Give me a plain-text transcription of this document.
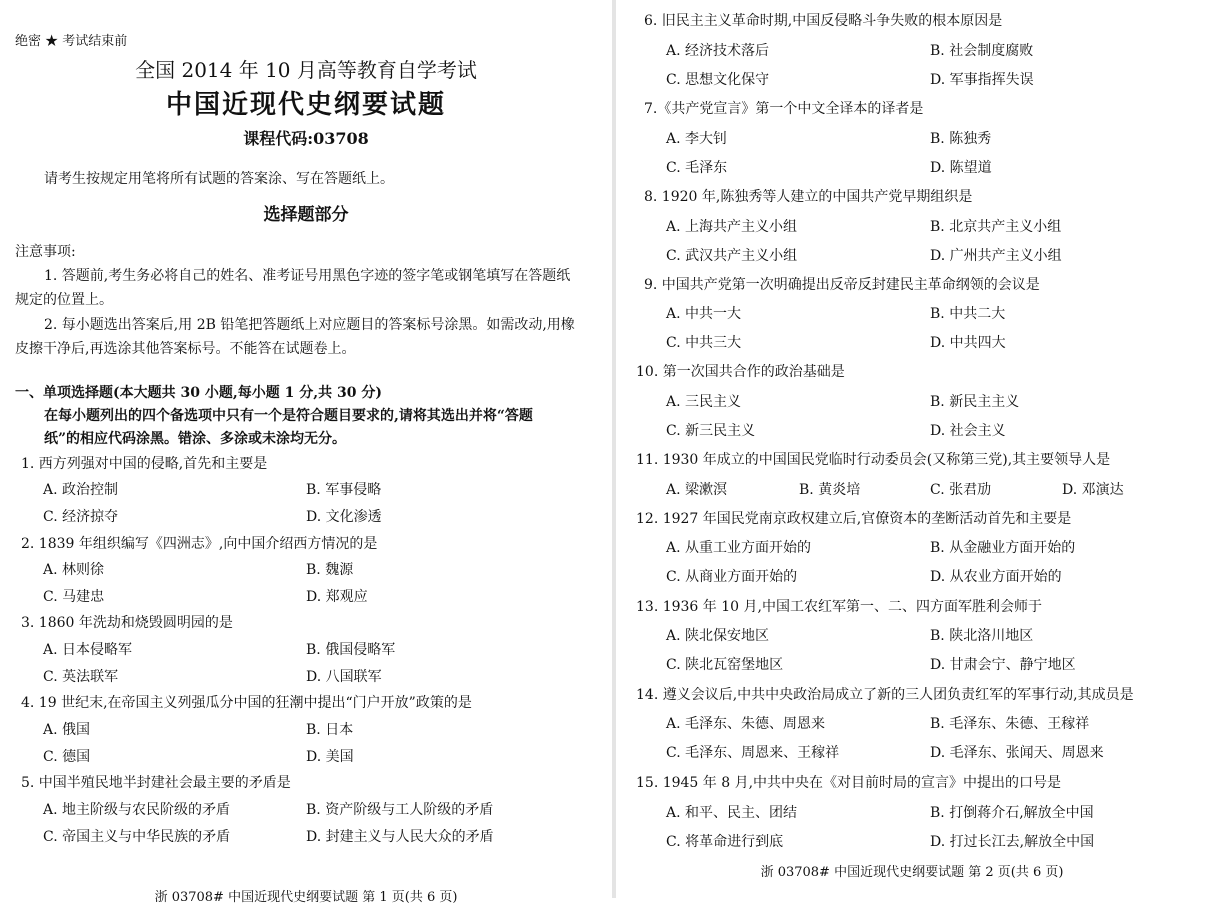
绝密 ★ 考试结束前
全国 2014 年 10 月高等教育自学考试
中国近现代史纲要试题
课程代码:03708
请考生按规定用笔将所有试题的答案涂、写在答题纸上。
选择题部分
注意事项:
1. 答题前,考生务必将自己的姓名、准考证号用黑色字迹的签字笔或钢笔填写在答题纸
规定的位置上。
2. 每小题选出答案后,用 2B 铅笔把答题纸上对应题目的答案标号涂黑。如需改动,用橡
皮擦干净后,再选涂其他答案标号。不能答在试题卷上。
一、单项选择题(本大题共 30 小题,每小题 1 分,共 30 分)
在每小题列出的四个备选项中只有一个是符合题目要求的,请将其选出并将“答题
纸”的相应代码涂黑。错涂、多涂或未涂均无分。
1. 西方列强对中国的侵略,首先和主要是
A. 政治控制	B. 军事侵略
C. 经济掠夺	D. 文化渗透
2. 1839 年组织编写《四洲志》,向中国介绍西方情况的是
A. 林则徐	B. 魏源
C. 马建忠	D. 郑观应
3. 1860 年洗劫和烧毁圆明园的是
A. 日本侵略军	B. 俄国侵略军
C. 英法联军	D. 八国联军
4. 19 世纪末,在帝国主义列强瓜分中国的狂潮中提出“门户开放”政策的是
A. 俄国	B. 日本
C. 德国	D. 美国
5. 中国半殖民地半封建社会最主要的矛盾是
A. 地主阶级与农民阶级的矛盾	B. 资产阶级与工人阶级的矛盾
C. 帝国主义与中华民族的矛盾	D. 封建主义与人民大众的矛盾
浙 03708# 中国近现代史纲要试题 第 1 页(共 6 页)
6. 旧民主主义革命时期,中国反侵略斗争失败的根本原因是
A. 经济技术落后	B. 社会制度腐败
C. 思想文化保守	D. 军事指挥失误
7.《共产党宣言》第一个中文全译本的译者是
A. 李大钊	B. 陈独秀
C. 毛泽东	D. 陈望道
8. 1920 年,陈独秀等人建立的中国共产党早期组织是
A. 上海共产主义小组	B. 北京共产主义小组
C. 武汉共产主义小组	D. 广州共产主义小组
9. 中国共产党第一次明确提出反帝反封建民主革命纲领的会议是
A. 中共一大	B. 中共二大
C. 中共三大	D. 中共四大
10. 第一次国共合作的政治基础是
A. 三民主义	B. 新民主主义
C. 新三民主义	D. 社会主义
11. 1930 年成立的中国国民党临时行动委员会(又称第三党),其主要领导人是
A. 梁漱溟	B. 黄炎培	C. 张君劢	D. 邓演达
12. 1927 年国民党南京政权建立后,官僚资本的垄断活动首先和主要是
A. 从重工业方面开始的	B. 从金融业方面开始的
C. 从商业方面开始的	D. 从农业方面开始的
13. 1936 年 10 月,中国工农红军第一、二、四方面军胜利会师于
A. 陕北保安地区	B. 陕北洛川地区
C. 陕北瓦窑堡地区	D. 甘肃会宁、静宁地区
14. 遵义会议后,中共中央政治局成立了新的三人团负责红军的军事行动,其成员是
A. 毛泽东、朱德、周恩来	B. 毛泽东、朱德、王稼祥
C. 毛泽东、周恩来、王稼祥	D. 毛泽东、张闻天、周恩来
15. 1945 年 8 月,中共中央在《对目前时局的宣言》中提出的口号是
A. 和平、民主、团结	B. 打倒蒋介石,解放全中国
C. 将革命进行到底	D. 打过长江去,解放全中国
浙 03708# 中国近现代史纲要试题 第 2 页(共 6 页)
